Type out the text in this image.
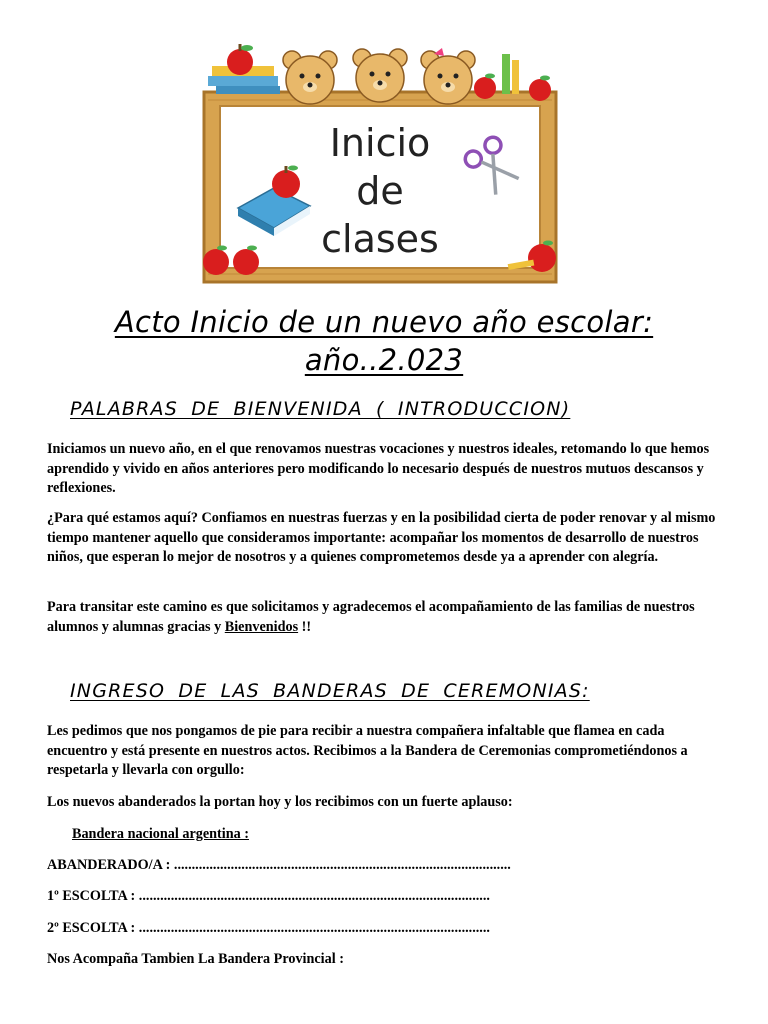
Inicio
de
clases
Acto Inicio de un nuevo año escolar:
año..2.023
PALABRAS DE BIENVENIDA ( INTRODUCCION)

Iniciamos un nuevo año, en el que renovamos nuestras vocaciones y nuestros ideales, retomando lo que hemos aprendido y vivido en años anteriores pero modificando lo necesario después de nuestros mutuos descansos y reflexiones.

¿Para qué estamos aquí? Confiamos en nuestras fuerzas y en la posibilidad cierta de poder renovar y al mismo tiempo mantener aquello que consideramos importante: acompañar los momentos de desarrollo de nuestros niños, que esperan lo mejor de nosotros y a quienes comprometemos desde ya a aprender con alegría.

Para transitar este camino es que solicitamos y agradecemos el acompañamiento de las familias de nuestros alumnos y alumnas gracias y Bienvenidos !!

INGRESO DE LAS BANDERAS DE CEREMONIAS:

Les pedimos que nos pongamos de pie para recibir a nuestra compañera infaltable que flamea en cada encuentro y está presente en nuestros actos. Recibimos a la Bandera de Ceremonias comprometiéndonos a respetarla y llevarla con orgullo:

Los nuevos abanderados la portan hoy y los recibimos con un fuerte aplauso:

Bandera nacional argentina :

ABANDERADO/A : ...............................................................................................

1º ESCOLTA : ...................................................................................................

2º ESCOLTA : ...................................................................................................

Nos Acompaña Tambien La Bandera Provincial :
